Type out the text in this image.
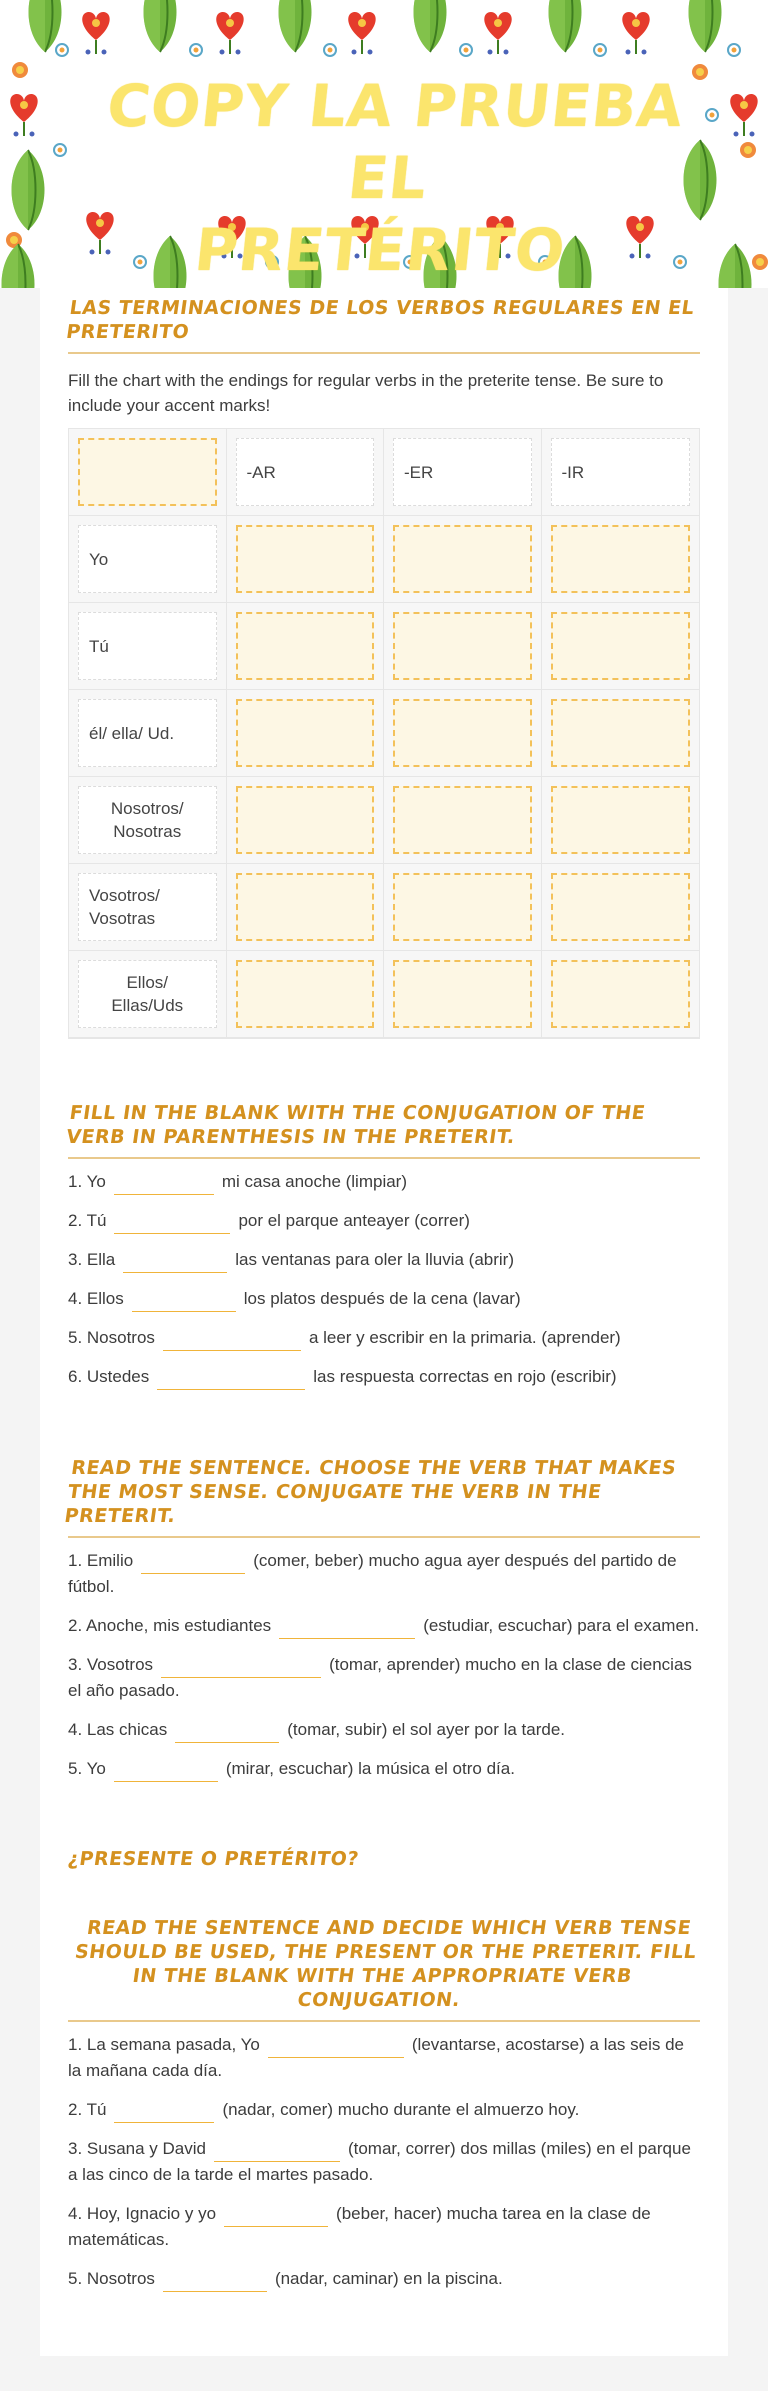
COPY LA PRUEBA EL
PRETÉRITO
LAS TERMINACIONES DE LOS VERBOS REGULARES EN EL PRETERITO
Fill the chart with the endings for regular verbs in the preterite tense. Be sure to include your accent marks!
-AR	-ER	-IR
Yo
Tú
él/ ella/ Ud.
Nosotros/ Nosotras
Vosotros/ Vosotras
Ellos/ Ellas/Uds
FILL IN THE BLANK WITH THE CONJUGATION OF THE VERB IN PARENTHESIS IN THE PRETERIT.
1. Yo	mi casa anoche (limpiar)
2. Tú	por el parque anteayer (correr)
3. Ella	las ventanas para oler la lluvia (abrir)
4. Ellos	los platos después de la cena (lavar)
5. Nosotros	a leer y escribir en la primaria. (aprender)
6. Ustedes	las respuesta correctas en rojo (escribir)
READ THE SENTENCE. CHOOSE THE VERB THAT MAKES THE MOST SENSE. CONJUGATE THE VERB IN THE PRETERIT.
1. Emilio	(comer, beber) mucho agua ayer después del partido de fútbol.
2. Anoche, mis estudiantes	(estudiar, escuchar) para el examen.
3. Vosotros	(tomar, aprender) mucho en la clase de ciencias el año pasado.
4. Las chicas	(tomar, subir) el sol ayer por la tarde.
5. Yo	(mirar, escuchar) la música el otro día.
¿PRESENTE O PRETÉRITO?
READ THE SENTENCE AND DECIDE WHICH VERB TENSE SHOULD BE USED, THE PRESENT OR THE PRETERIT. FILL IN THE BLANK WITH THE APPROPRIATE VERB CONJUGATION.
1. La semana pasada, Yo	(levantarse, acostarse) a las seis de la mañana cada día.
2. Tú	(nadar, comer) mucho durante el almuerzo hoy.
3. Susana y David	(tomar, correr) dos millas (miles) en el parque a las cinco de la tarde el martes pasado.
4. Hoy, Ignacio y yo	(beber, hacer) mucha tarea en la clase de matemáticas.
5. Nosotros	(nadar, caminar) en la piscina.
